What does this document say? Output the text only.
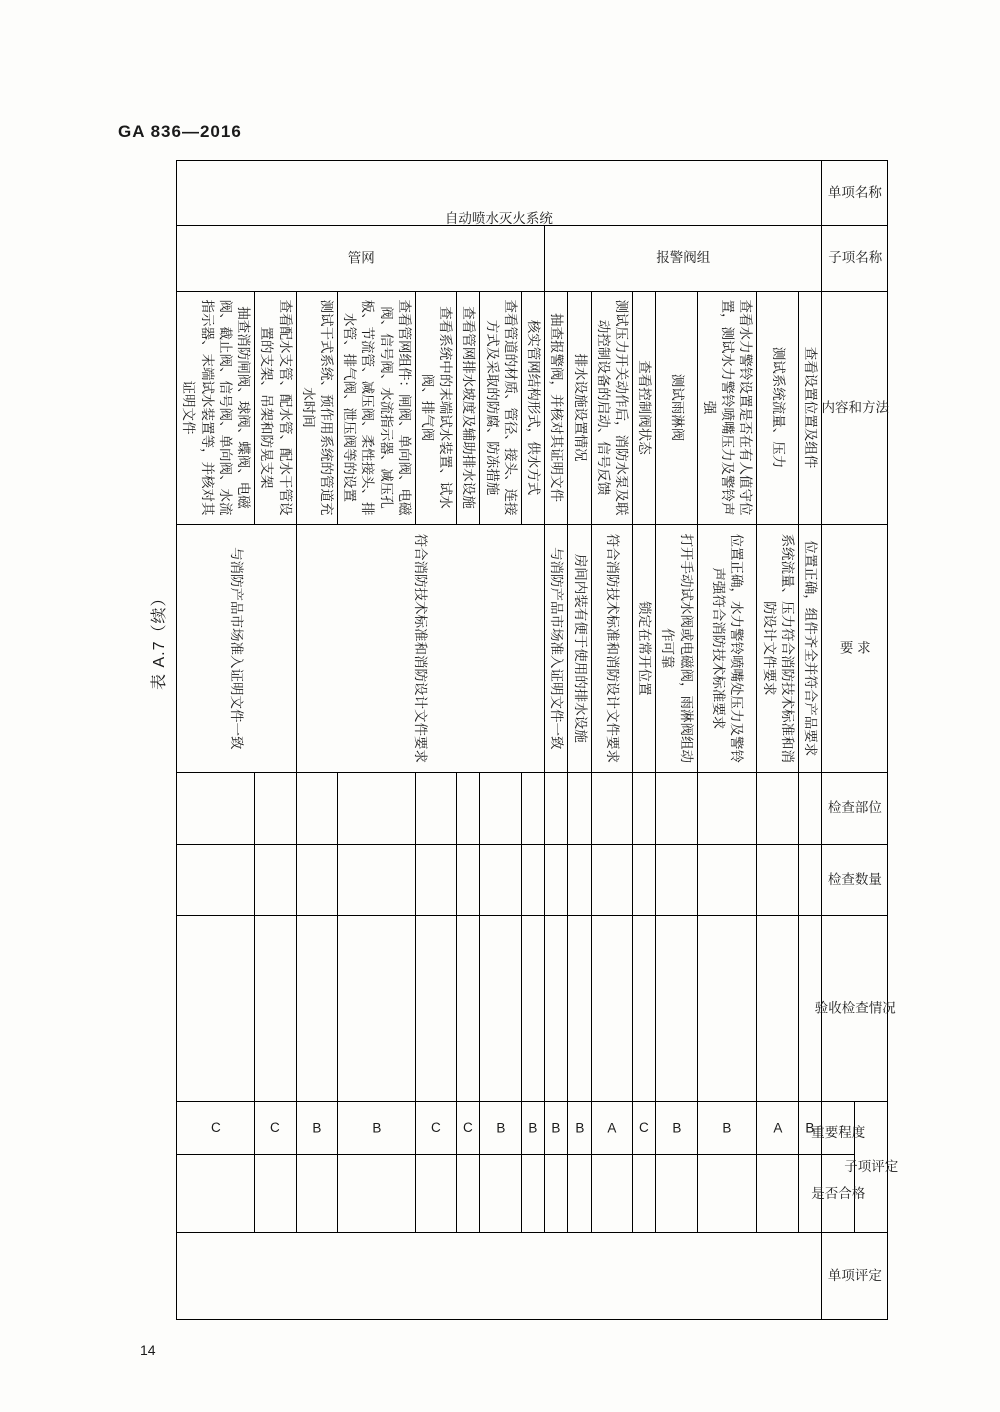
GA 836—2016
表 A.7（续）
14
单项名称	子项名称	内容和方法	要 求	检查部位	检查数量	验收检查情况	子项评定		单项评定
							重要程度	是否合格	
自动喷水灭火系统	报警阀组	查看设置位置及组件	位置正确，组件齐全并符合产品要求				B		
		测试系统流量、压力	系统流量、压力符合消防技术标准和消防设计文件要求				A		
		查看水力警铃设置是否在有人值守位置，测试水力警铃喷嘴压力及警铃声强	位置正确，水力警铃喷嘴处压力及警铃声强符合消防技术标准要求				B		
		测试雨淋阀	打开手动试水阀或电磁阀，雨淋阀组动作可靠				B		
		查看控制阀状态	锁定在常开位置				C		
		测试压力开关动作后，消防水泵及联动控制设备的启动、信号反馈	符合消防技术标准和消防设计文件要求				A		
		排水设施设置情况	房间内装有便于使用的排水设施				B		
		抽查报警阀，并核对其证明文件	与消防产品市场准入证明文件一致				B		
	管网	核实管网结构形式，供水方式	符合消防技术标准和消防设计文件要求				B		
		查看管道的材质、管径、接头、连接方式及采取的防腐、防冻措施					B		
		查看管网排水坡度及辅助排水设施					C		
		查看系统中的末端试水装置、试水阀、排气阀					C		
		查看管网组件：闸阀、单向阀、电磁阀、信号阀、水流指示器、减压孔板、节流管、减压阀、柔性接头、排水管、排气阀、泄压阀等的设置					B		
		测试干式系统、预作用系统的管道充水时间					B		
		查看配水支管、配水管、配水干管设置的支架、吊架和防晃支架	与消防产品市场准入证明文件一致				C		
		抽查消防闸阀、球阀、蝶阀、电磁阀、截止阀、信号阀、单向阀、水流指示器、末端试水装置等，并核对其证明文件					C		
